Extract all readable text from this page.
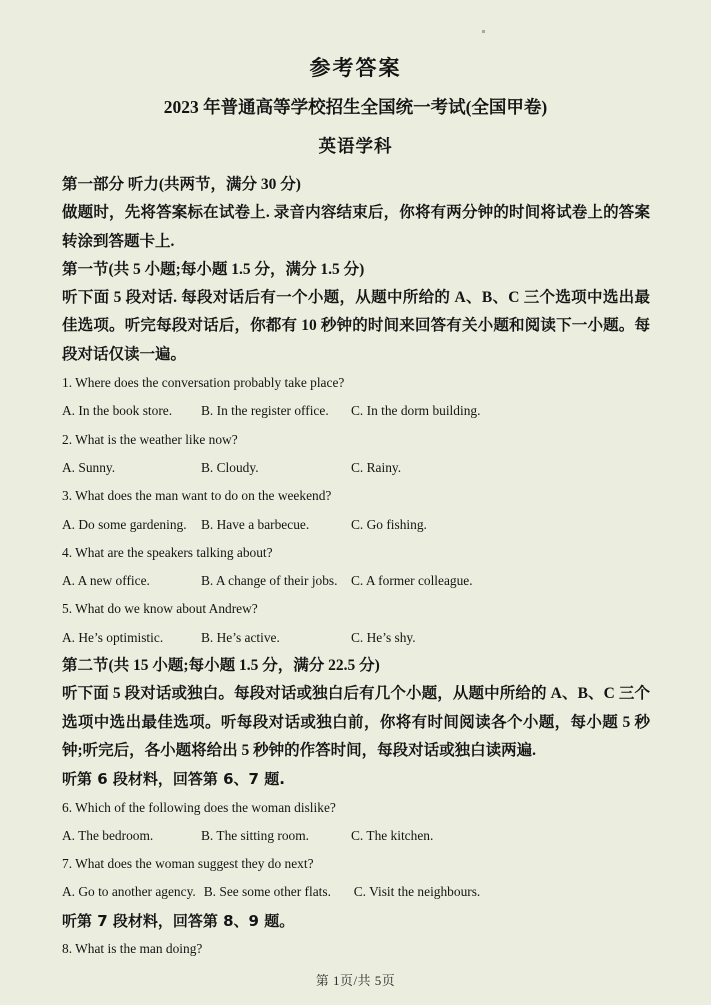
参考答案
2023 年普通高等学校招生全国统一考试(全国甲卷)
英语学科

第一部分 听力(共两节，满分 30 分)

做题时，先将答案标在试卷上. 录音内容结束后，你将有两分钟的时间将试卷上的答案转涂到答题卡上.

第一节(共 5 小题;每小题 1.5 分，满分 1.5 分)

听下面 5 段对话. 每段对话后有一个小题，从题中所给的 A、B、C 三个选项中选出最佳选项。听完每段对话后，你都有 10 秒钟的时间来回答有关小题和阅读下一小题。每段对话仅读一遍。

1. Where does the conversation probably take place?

A. In the book store. B. In the register office. C. In the dorm building.

2. What is the weather like now?

A. Sunny.	B. Cloudy.	C. Rainy.

3. What does the man want to do on the weekend?

A. Do some gardening. B. Have a barbecue.	C. Go fishing.

4. What are the speakers talking about?

A. A new office.	B. A change of their jobs. C. A former colleague.

5. What do we know about Andrew?

A. He’s optimistic.	B. He’s active.	C. He’s shy.

第二节(共 15 小题;每小题 1.5 分，满分 22.5 分)

听下面 5 段对话或独白。每段对话或独白后有几个小题，从题中所给的 A、B、C 三个选项中选出最佳选项。听每段对话或独白前，你将有时间阅读各个小题，每小题 5 秒钟;听完后，各小题将给出 5 秒钟的作答时间，每段对话或独白读两遍.

听第 6 段材料，回答第 6、7 题.

6. Which of the following does the woman dislike?

A. The bedroom.	B. The sitting room.	C. The kitchen.

7. What does the woman suggest they do next?

A. Go to another agency. B. See some other flats. C. Visit the neighbours.

听第 7 段材料，回答第 8、9 题。

8. What is the man doing?

第 1页/共 5页
